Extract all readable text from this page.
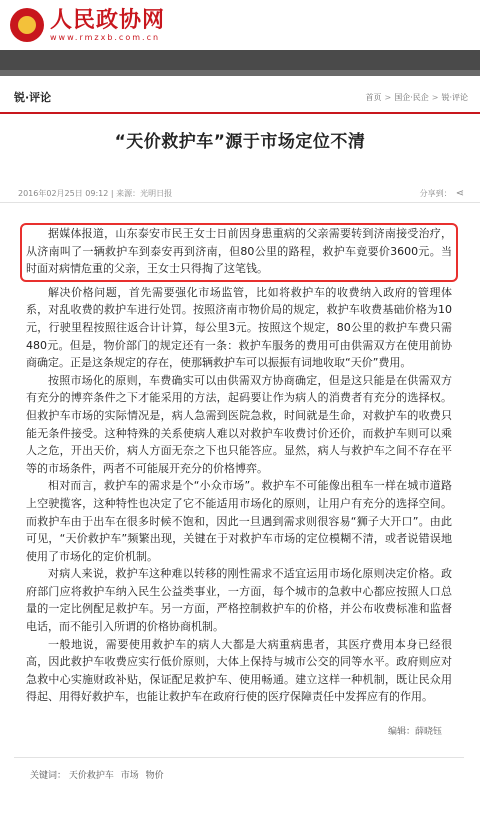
人民政协网
www.rmzxb.com.cn
锐·评论	首页 > 国企·民企 > 锐·评论
“天价救护车”源于市场定位不清
2016年02月25日 09:12 | 来源：光明日报	分享到： ⋖

据媒体报道，山东泰安市民王女士日前因身患重病的父亲需要转到济南接受治疗，从济南叫了一辆救护车到泰安再到济南，但80公里的路程，救护车竟要价3600元。当时面对病情危重的父亲，王女士只得掏了这笔钱。

解决价格问题，首先需要强化市场监管，比如将救护车的收费纳入政府的管理体系，对乱收费的救护车进行处罚。按照济南市物价局的规定，救护车收费基础价格为10元，行驶里程按照往返合计计算，每公里3元。按照这个规定，80公里的救护车费只需480元。但是，物价部门的规定还有一条：救护车服务的费用可由供需双方在使用前协商确定。正是这条规定的存在，使那辆救护车可以振振有词地收取“天价”费用。

按照市场化的原则，车费确实可以由供需双方协商确定，但是这只能是在供需双方有充分的博弈条件之下才能采用的方法，起码要让作为病人的消费者有充分的选择权。但救护车市场的实际情况是，病人急需到医院急救，时间就是生命，对救护车的收费只能无条件接受。这种特殊的关系使病人难以对救护车收费讨价还价，而救护车则可以乘人之危，开出天价，病人方面无奈之下也只能答应。显然，病人与救护车之间不存在平等的市场条件，两者不可能展开充分的价格博弈。

相对而言，救护车的需求是个“小众市场”。救护车不可能像出租车一样在城市道路上空驶揽客，这种特性也决定了它不能适用市场化的原则，让用户有充分的选择空间。而救护车由于出车在很多时候不饱和，因此一旦遇到需求则很容易“狮子大开口”。由此可见，“天价救护车”频繁出现，关键在于对救护车市场的定位模糊不清，或者说错误地使用了市场化的定价机制。

对病人来说，救护车这种难以转移的刚性需求不适宜运用市场化原则决定价格。政府部门应将救护车纳入民生公益类事业，一方面，每个城市的急救中心都应按照人口总量的一定比例配足救护车。另一方面，严格控制救护车的价格，并公布收费标准和监督电话，而不能引入所谓的价格协商机制。

一般地说，需要使用救护车的病人大都是大病重病患者，其医疗费用本身已经很高，因此救护车收费应实行低价原则，大体上保持与城市公交的同等水平。政府则应对急救中心实施财政补贴，保证配足救护车、使用畅通。建立这样一种机制，既让民众用得起、用得好救护车，也能让救护车在政府行使的医疗保障责任中发挥应有的作用。

编辑：薛晓钰
关键词： 天价救护车 市场 物价
